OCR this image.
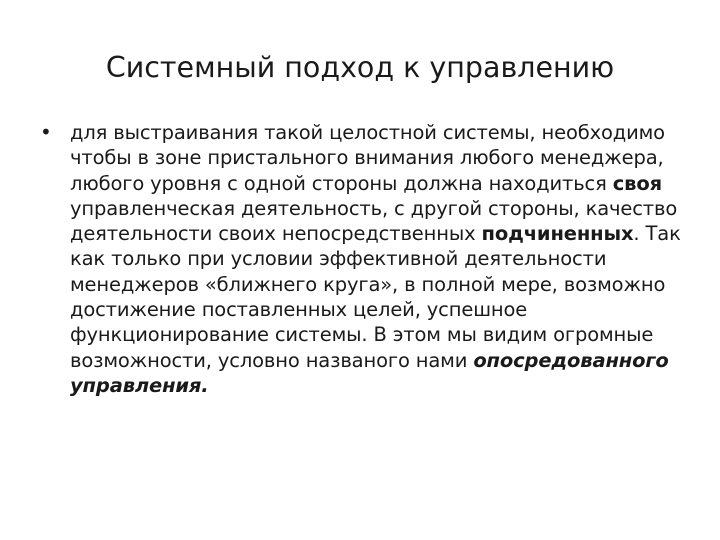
Системный подход к управлению
• для выстраивания такой целостной системы, необходимо чтобы в зоне пристального внимания любого менеджера, любого уровня с одной стороны должна находиться своя управленческая деятельность, с другой стороны, качество деятельности своих непосредственных подчиненных. Так как только при условии эффективной деятельности менеджеров «ближнего круга», в полной мере, возможно достижение поставленных целей, успешное функционирование системы. В этом мы видим огромные возможности, условно названого нами опосредованного управления.
